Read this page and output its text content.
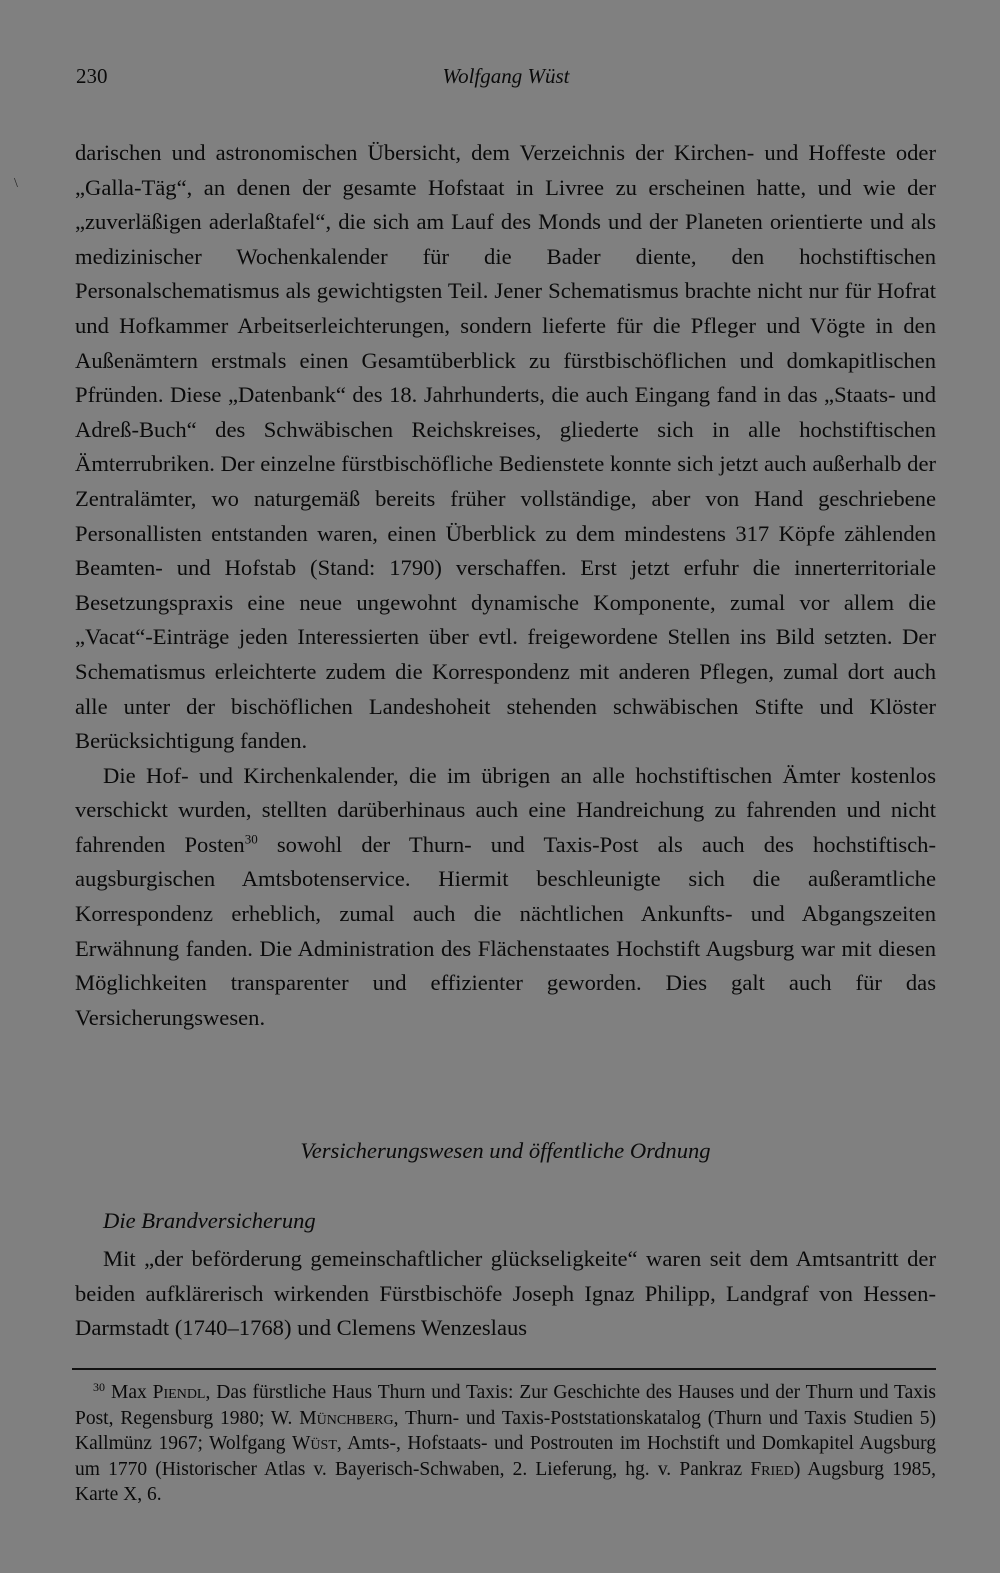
\
230	Wolfgang Wüst

darischen und astronomischen Übersicht, dem Verzeichnis der Kirchen- und Hoffeste oder „Galla-Täg“, an denen der gesamte Hofstaat in Livree zu erscheinen hatte, und wie der „zuverläßigen aderlaßtafel“, die sich am Lauf des Monds und der Planeten orientierte und als medizinischer Wochenkalender für die Bader diente, den hochstiftischen Personalschematismus als gewichtigsten Teil. Jener Schematismus brachte nicht nur für Hofrat und Hofkammer Arbeitserleichterungen, sondern lieferte für die Pfleger und Vögte in den Außenämtern erstmals einen Gesamtüberblick zu fürstbischöflichen und domkapitlischen Pfründen. Diese „Datenbank“ des 18. Jahrhunderts, die auch Eingang fand in das „Staats- und Adreß-Buch“ des Schwäbischen Reichskreises, gliederte sich in alle hochstiftischen Ämterrubriken. Der einzelne fürstbischöfliche Bedienstete konnte sich jetzt auch außerhalb der Zentralämter, wo naturgemäß bereits früher vollständige, aber von Hand geschriebene Personallisten entstanden waren, einen Überblick zu dem mindestens 317 Köpfe zählenden Beamten- und Hofstab (Stand: 1790) verschaffen. Erst jetzt erfuhr die innerterritoriale Besetzungspraxis eine neue ungewohnt dynamische Komponente, zumal vor allem die „Vacat“-Einträge jeden Interessierten über evtl. freigewordene Stellen ins Bild setzten. Der Schematismus erleichterte zudem die Korrespondenz mit anderen Pflegen, zumal dort auch alle unter der bischöflichen Landeshoheit stehenden schwäbischen Stifte und Klöster Berücksichtigung fanden.

Die Hof- und Kirchenkalender, die im übrigen an alle hochstiftischen Ämter kostenlos verschickt wurden, stellten darüberhinaus auch eine Handreichung zu fahrenden und nicht fahrenden Posten$^{30}$ sowohl der Thurn- und Taxis-Post als auch des hochstiftisch-augsburgischen Amtsbotenservice. Hiermit beschleunigte sich die außeramtliche Korrespondenz erheblich, zumal auch die nächtlichen Ankunfts- und Abgangszeiten Erwähnung fanden. Die Administration des Flächenstaates Hochstift Augsburg war mit diesen Möglichkeiten transparenter und effizienter geworden. Dies galt auch für das Versicherungswesen.

Versicherungswesen und öffentliche Ordnung
Die Brandversicherung

Mit „der beförderung gemeinschaftlicher glückseligkeite“ waren seit dem Amtsantritt der beiden aufklärerisch wirkenden Fürstbischöfe Joseph Ignaz Philipp, Landgraf von Hessen-Darmstadt (1740–1768) und Clemens Wenzeslaus

$^{30}$ Max Piendl, Das fürstliche Haus Thurn und Taxis: Zur Geschichte des Hauses und der Thurn und Taxis Post, Regensburg 1980; W. Münchberg, Thurn- und Taxis-Poststationskatalog (Thurn und Taxis Studien 5) Kallmünz 1967; Wolfgang Wüst, Amts-, Hofstaats- und Postrouten im Hochstift und Domkapitel Augsburg um 1770 (Historischer Atlas v. Bayerisch-Schwaben, 2. Lieferung, hg. v. Pankraz Fried) Augsburg 1985, Karte X, 6.
